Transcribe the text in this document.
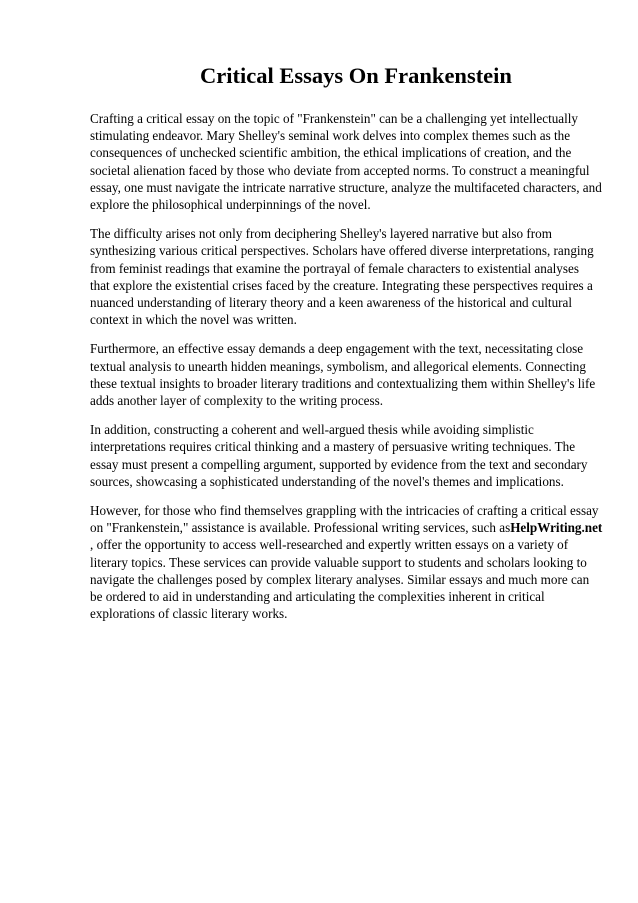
Critical Essays On Frankenstein

Crafting a critical essay on the topic of "Frankenstein" can be a challenging yet intellectually
stimulating endeavor. Mary Shelley's seminal work delves into complex themes such as the
consequences of unchecked scientific ambition, the ethical implications of creation, and the
societal alienation faced by those who deviate from accepted norms. To construct a meaningful
essay, one must navigate the intricate narrative structure, analyze the multifaceted characters, and
explore the philosophical underpinnings of the novel.

The difficulty arises not only from deciphering Shelley's layered narrative but also from
synthesizing various critical perspectives. Scholars have offered diverse interpretations, ranging
from feminist readings that examine the portrayal of female characters to existential analyses
that explore the existential crises faced by the creature. Integrating these perspectives requires a
nuanced understanding of literary theory and a keen awareness of the historical and cultural
context in which the novel was written.

Furthermore, an effective essay demands a deep engagement with the text, necessitating close
textual analysis to unearth hidden meanings, symbolism, and allegorical elements. Connecting
these textual insights to broader literary traditions and contextualizing them within Shelley's life
adds another layer of complexity to the writing process.

In addition, constructing a coherent and well-argued thesis while avoiding simplistic
interpretations requires critical thinking and a mastery of persuasive writing techniques. The
essay must present a compelling argument, supported by evidence from the text and secondary
sources, showcasing a sophisticated understanding of the novel's themes and implications.

However, for those who find themselves grappling with the intricacies of crafting a critical essay
on "Frankenstein," assistance is available. Professional writing services, such asHelpWriting.net
, offer the opportunity to access well-researched and expertly written essays on a variety of
literary topics. These services can provide valuable support to students and scholars looking to
navigate the challenges posed by complex literary analyses. Similar essays and much more can
be ordered to aid in understanding and articulating the complexities inherent in critical
explorations of classic literary works.
